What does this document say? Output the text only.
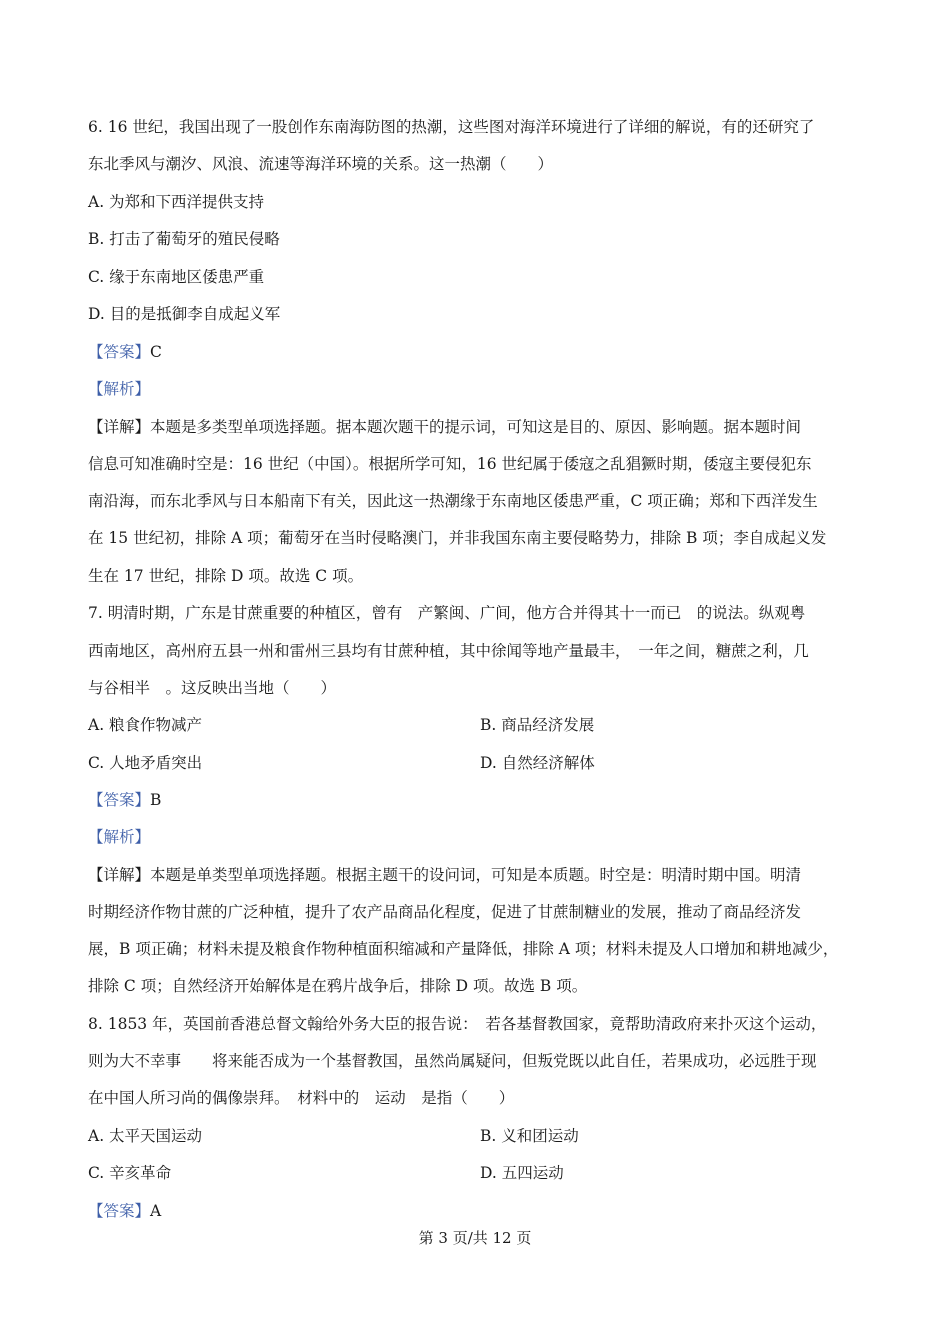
6. 16 世纪，我国出现了一股创作东南海防图的热潮，这些图对海洋环境进行了详细的解说，有的还研究了
东北季风与潮汐、风浪、流速等海洋环境的关系。这一热潮（　　）
A. 为郑和下西洋提供支持
B. 打击了葡萄牙的殖民侵略
C. 缘于东南地区倭患严重
D. 目的是抵御李自成起义军
【答案】C
【解析】
【详解】本题是多类型单项选择题。据本题次题干的提示词，可知这是目的、原因、影响题。据本题时间
信息可知准确时空是：16 世纪（中国）。根据所学可知，16 世纪属于倭寇之乱猖獗时期，倭寇主要侵犯东
南沿海，而东北季风与日本船南下有关，因此这一热潮缘于东南地区倭患严重，C 项正确；郑和下西洋发生
在 15 世纪初，排除 A 项；葡萄牙在当时侵略澳门，并非我国东南主要侵略势力，排除 B 项；李自成起义发
生在 17 世纪，排除 D 项。故选 C 项。
7. 明清时期，广东是甘蔗重要的种植区，曾有　产繁闽、广间，他方合并得其十一而已　的说法。纵观粤
西南地区，高州府五县一州和雷州三县均有甘蔗种植，其中徐闻等地产量最丰，　一年之间，糖蔗之利，几
与谷相半　。这反映出当地（　　）
A. 粮食作物减产	B. 商品经济发展
C. 人地矛盾突出	D. 自然经济解体
【答案】B
【解析】
【详解】本题是单类型单项选择题。根据主题干的设问词，可知是本质题。时空是：明清时期中国。明清
时期经济作物甘蔗的广泛种植，提升了农产品商品化程度，促进了甘蔗制糖业的发展，推动了商品经济发
展，B 项正确；材料未提及粮食作物种植面积缩减和产量降低，排除 A 项；材料未提及人口增加和耕地减少，
排除 C 项；自然经济开始解体是在鸦片战争后，排除 D 项。故选 B 项。
8. 1853 年，英国前香港总督文翰给外务大臣的报告说：　若各基督教国家，竟帮助清政府来扑灭这个运动，
则为大不幸事　　将来能否成为一个基督教国，虽然尚属疑问，但叛党既以此自任，若果成功，必远胜于现
在中国人所习尚的偶像崇拜。　材料中的　运动　是指（　　）
A. 太平天国运动	B. 义和团运动
C. 辛亥革命	D. 五四运动
【答案】A
第 3 页/共 12 页
